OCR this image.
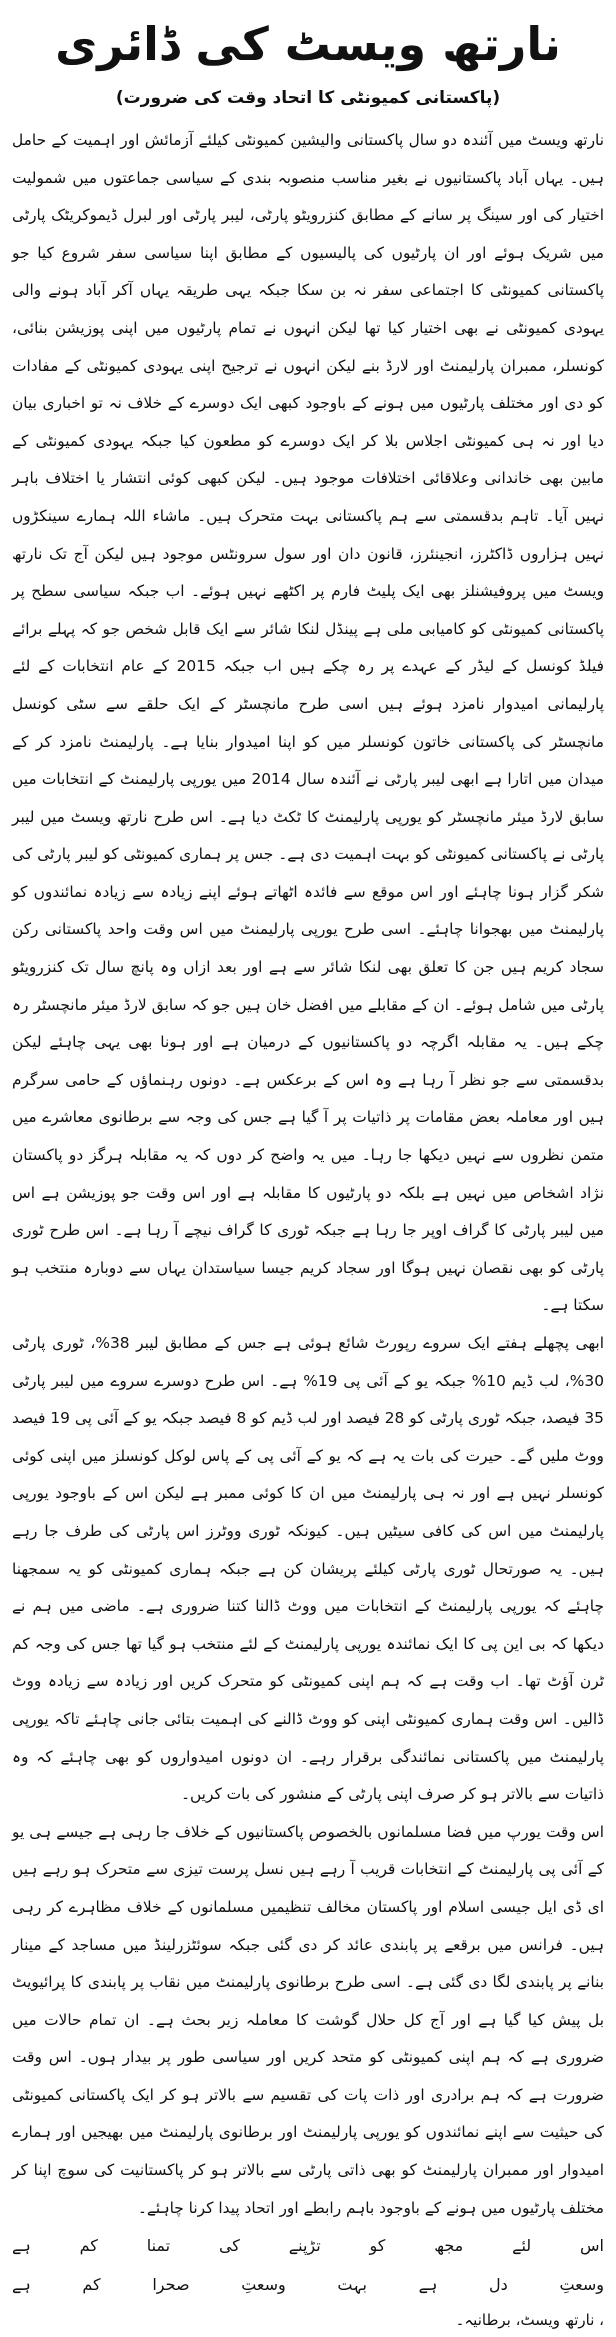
نارتھ ویسٹ کی ڈائری
(پاکستانی کمیونٹی کا اتحاد وقت کی ضرورت)

نارتھ ویسٹ میں آئندہ دو سال پاکستانی والیشین کمیونٹی کیلئے آزمائش اور اہمیت کے حامل ہیں۔ یہاں آباد پاکستانیوں نے بغیر مناسب منصوبہ بندی کے سیاسی جماعتوں میں شمولیت اختیار کی اور سینگ پر سانے کے مطابق کنزرویٹو پارٹی، لیبر پارٹی اور لبرل ڈیموکریٹک پارٹی میں شریک ہوئے اور ان پارٹیوں کی پالیسیوں کے مطابق اپنا سیاسی سفر شروع کیا جو پاکستانی کمیونٹی کا اجتماعی سفر نہ بن سکا جبکہ یہی طریقہ یہاں آکر آباد ہونے والی یہودی کمیونٹی نے بھی اختیار کیا تھا لیکن انہوں نے تمام پارٹیوں میں اپنی پوزیشن بنائی، کونسلر، ممبران پارلیمنٹ اور لارڈ بنے لیکن انہوں نے ترجیح اپنی یہودی کمیونٹی کے مفادات کو دی اور مختلف پارٹیوں میں ہونے کے باوجود کبھی ایک دوسرے کے خلاف نہ تو اخباری بیان دیا اور نہ ہی کمیونٹی اجلاس بلا کر ایک دوسرے کو مطعون کیا جبکہ یہودی کمیونٹی کے مابین بھی خاندانی وعلاقائی اختلافات موجود ہیں۔ لیکن کبھی کوئی انتشار یا اختلاف باہر نہیں آیا۔ تاہم بدقسمتی سے ہم پاکستانی بہت متحرک ہیں۔ ماشاء اللہ ہمارے سینکڑوں نہیں ہزاروں ڈاکٹرز، انجینئرز، قانون دان اور سول سرونٹس موجود ہیں لیکن آج تک نارتھ ویسٹ میں پروفیشنلز بھی ایک پلیٹ فارم پر اکٹھے نہیں ہوئے۔ اب جبکہ سیاسی سطح پر پاکستانی کمیونٹی کو کامیابی ملی ہے پینڈل لنکا شائر سے ایک قابل شخص جو کہ پہلے برائے فیلڈ کونسل کے لیڈر کے عہدے پر رہ چکے ہیں اب جبکہ 2015 کے عام انتخابات کے لئے پارلیمانی امیدوار نامزد ہوئے ہیں اسی طرح مانچسٹر کے ایک حلقے سے سٹی کونسل مانچسٹر کی پاکستانی خاتون کونسلر میں کو اپنا امیدوار بنایا ہے۔ پارلیمنٹ نامزد کر کے میدان میں اتارا ہے ابھی لیبر پارٹی نے آئندہ سال 2014 میں یورپی پارلیمنٹ کے انتخابات میں سابق لارڈ میئر مانچسٹر کو یورپی پارلیمنٹ کا ٹکٹ دیا ہے۔ اس طرح نارتھ ویسٹ میں لیبر پارٹی نے پاکستانی کمیونٹی کو بہت اہمیت دی ہے۔ جس پر ہماری کمیونٹی کو لیبر پارٹی کی شکر گزار ہونا چاہئے اور اس موقع سے فائدہ اٹھاتے ہوئے اپنے زیادہ سے زیادہ نمائندوں کو پارلیمنٹ میں بھجوانا چاہئے۔ اسی طرح یورپی پارلیمنٹ میں اس وقت واحد پاکستانی رکن سجاد کریم ہیں جن کا تعلق بھی لنکا شائر سے ہے اور بعد ازاں وہ پانچ سال تک کنزرویٹو پارٹی میں شامل ہوئے۔ ان کے مقابلے میں افضل خان ہیں جو کہ سابق لارڈ میئر مانچسٹر رہ چکے ہیں۔ یہ مقابلہ اگرچہ دو پاکستانیوں کے درمیان ہے اور ہونا بھی یہی چاہئے لیکن بدقسمتی سے جو نظر آ رہا ہے وہ اس کے برعکس ہے۔ دونوں رہنماؤں کے حامی سرگرم ہیں اور معاملہ بعض مقامات پر ذاتیات پر آ گیا ہے جس کی وجہ سے برطانوی معاشرے میں متمن نظروں سے نہیں دیکھا جا رہا۔ میں یہ واضح کر دوں کہ یہ مقابلہ ہرگز دو پاکستان نژاد اشخاص میں نہیں ہے بلکہ دو پارٹیوں کا مقابلہ ہے اور اس وقت جو پوزیشن ہے اس میں لیبر پارٹی کا گراف اوپر جا رہا ہے جبکہ ٹوری کا گراف نیچے آ رہا ہے۔ اس طرح ٹوری پارٹی کو بھی نقصان نہیں ہوگا اور سجاد کریم جیسا سیاستدان یہاں سے دوبارہ منتخب ہو سکتا ہے۔

ابھی پچھلے ہفتے ایک سروے رپورٹ شائع ہوئی ہے جس کے مطابق لیبر 38%، ٹوری پارٹی 30%، لب ڈیم 10% جبکہ یو کے آئی پی 19% ہے۔ اس طرح دوسرے سروے میں لیبر پارٹی 35 فیصد، جبکہ ٹوری پارٹی کو 28 فیصد اور لب ڈیم کو 8 فیصد جبکہ یو کے آئی پی 19 فیصد ووٹ ملیں گے۔ حیرت کی بات یہ ہے کہ یو کے آئی پی کے پاس لوکل کونسلز میں اپنی کوئی کونسلر نہیں ہے اور نہ ہی پارلیمنٹ میں ان کا کوئی ممبر ہے لیکن اس کے باوجود یورپی پارلیمنٹ میں اس کی کافی سیٹیں ہیں۔ کیونکہ ٹوری ووٹرز اس پارٹی کی طرف جا رہے ہیں۔ یہ صورتحال ٹوری پارٹی کیلئے پریشان کن ہے جبکہ ہماری کمیونٹی کو یہ سمجھنا چاہئے کہ یورپی پارلیمنٹ کے انتخابات میں ووٹ ڈالنا کتنا ضروری ہے۔ ماضی میں ہم نے دیکھا کہ بی این پی کا ایک نمائندہ یورپی پارلیمنٹ کے لئے منتخب ہو گیا تھا جس کی وجہ کم ٹرن آؤٹ تھا۔ اب وقت ہے کہ ہم اپنی کمیونٹی کو متحرک کریں اور زیادہ سے زیادہ ووٹ ڈالیں۔ اس وقت ہماری کمیونٹی اپنی کو ووٹ ڈالنے کی اہمیت بتائی جانی چاہئے تاکہ یورپی پارلیمنٹ میں پاکستانی نمائندگی برقرار رہے۔ ان دونوں امیدواروں کو بھی چاہئے کہ وہ ذاتیات سے بالاتر ہو کر صرف اپنی پارٹی کے منشور کی بات کریں۔

اس وقت یورپ میں فضا مسلمانوں بالخصوص پاکستانیوں کے خلاف جا رہی ہے جیسے ہی یو کے آئی پی پارلیمنٹ کے انتخابات قریب آ رہے ہیں نسل پرست تیزی سے متحرک ہو رہے ہیں ای ڈی ایل جیسی اسلام اور پاکستان مخالف تنظیمیں مسلمانوں کے خلاف مظاہرے کر رہی ہیں۔ فرانس میں برقعے پر پابندی عائد کر دی گئی جبکہ سوئٹزرلینڈ میں مساجد کے مینار بنانے پر پابندی لگا دی گئی ہے۔ اسی طرح برطانوی پارلیمنٹ میں نقاب پر پابندی کا پرائیویٹ بل پیش کیا گیا ہے اور آج کل حلال گوشت کا معاملہ زیر بحث ہے۔ ان تمام حالات میں ضروری ہے کہ ہم اپنی کمیونٹی کو متحد کریں اور سیاسی طور پر بیدار ہوں۔ اس وقت ضرورت ہے کہ ہم برادری اور ذات پات کی تقسیم سے بالاتر ہو کر ایک پاکستانی کمیونٹی کی حیثیت سے اپنے نمائندوں کو یورپی پارلیمنٹ اور برطانوی پارلیمنٹ میں بھیجیں اور ہمارے امیدوار اور ممبران پارلیمنٹ کو بھی ذاتی پارٹی سے بالاتر ہو کر پاکستانیت کی سوچ اپنا کر مختلف پارٹیوں میں ہونے کے باوجود باہم رابطے اور اتحاد پیدا کرنا چاہئے۔

اس لئے مجھ کو تڑپنے کی تمنا کم ہے
وسعتِ دل ہے بہت وسعتِ صحرا کم ہے
، نارتھ ویسٹ، برطانیہ۔
